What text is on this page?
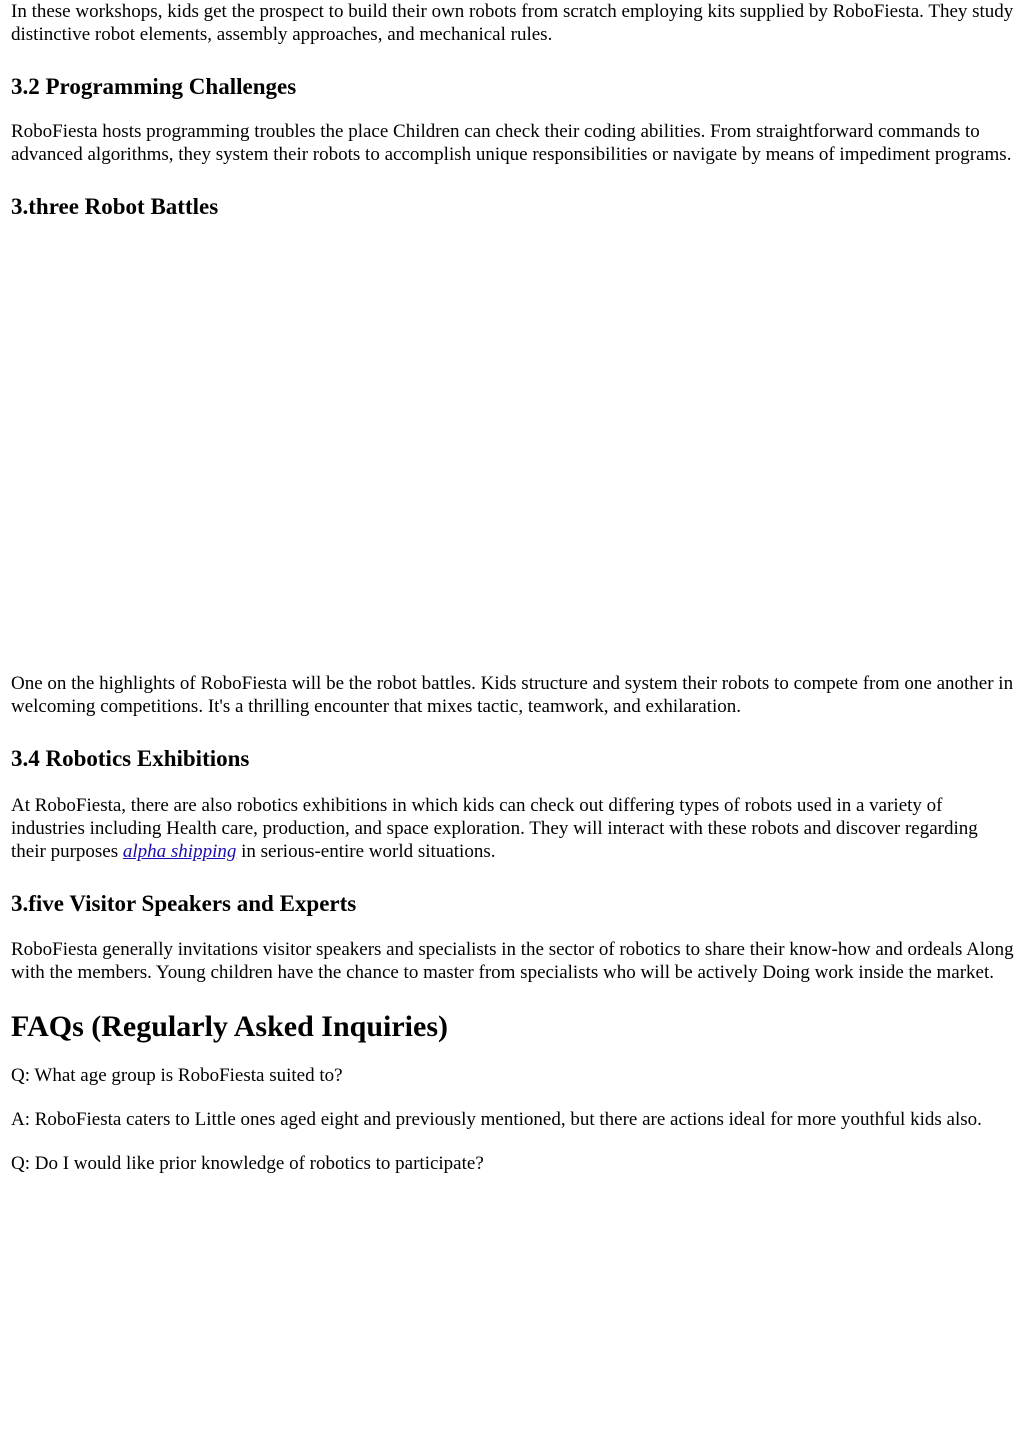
In these workshops, kids get the prospect to build their own robots from scratch employing kits supplied by RoboFiesta. They study distinctive robot elements, assembly approaches, and mechanical rules.

3.2 Programming Challenges

RoboFiesta hosts programming troubles the place Children can check their coding abilities. From straightforward commands to advanced algorithms, they system their robots to accomplish unique responsibilities or navigate by means of impediment programs.

3.three Robot Battles

One on the highlights of RoboFiesta will be the robot battles. Kids structure and system their robots to compete from one another in welcoming competitions. It's a thrilling encounter that mixes tactic, teamwork, and exhilaration.

3.4 Robotics Exhibitions

At RoboFiesta, there are also robotics exhibitions in which kids can check out differing types of robots used in a variety of industries including Health care, production, and space exploration. They will interact with these robots and discover regarding their purposes alpha shipping in serious-entire world situations.

3.five Visitor Speakers and Experts

RoboFiesta generally invitations visitor speakers and specialists in the sector of robotics to share their know-how and ordeals Along with the members. Young children have the chance to master from specialists who will be actively Doing work inside the market.

FAQs (Regularly Asked Inquiries)

Q: What age group is RoboFiesta suited to?

A: RoboFiesta caters to Little ones aged eight and previously mentioned, but there are actions ideal for more youthful kids also.

Q: Do I would like prior knowledge of robotics to participate?
